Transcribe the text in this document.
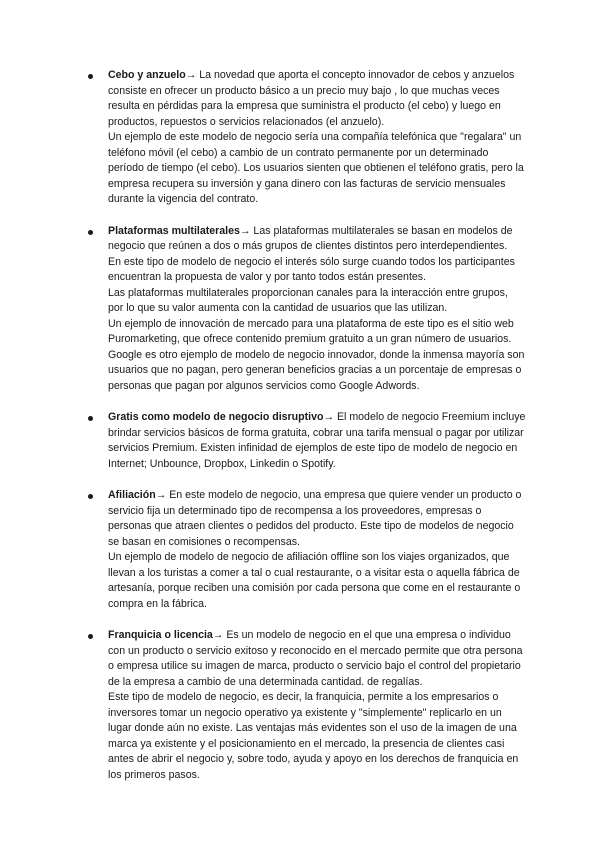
Cebo y anzuelo→ La novedad que aporta el concepto innovador de cebos y anzuelos consiste en ofrecer un producto básico a un precio muy bajo , lo que muchas veces resulta en pérdidas para la empresa que suministra el producto (el cebo) y luego en productos, repuestos o servicios relacionados (el anzuelo).

Un ejemplo de este modelo de negocio sería una compañía telefónica que "regalara" un teléfono móvil (el cebo) a cambio de un contrato permanente por un determinado período de tiempo (el cebo). Los usuarios sienten que obtienen el teléfono gratis, pero la empresa recupera su inversión y gana dinero con las facturas de servicio mensuales durante la vigencia del contrato.

Plataformas multilaterales→ Las plataformas multilaterales se basan en modelos de negocio que reúnen a dos o más grupos de clientes distintos pero interdependientes.

En este tipo de modelo de negocio el interés sólo surge cuando todos los participantes encuentran la propuesta de valor y por tanto todos están presentes.

Las plataformas multilaterales proporcionan canales para la interacción entre grupos, por lo que su valor aumenta con la cantidad de usuarios que las utilizan.

Un ejemplo de innovación de mercado para una plataforma de este tipo es el sitio web Puromarketing, que ofrece contenido premium gratuito a un gran número de usuarios. Google es otro ejemplo de modelo de negocio innovador, donde la inmensa mayoría son usuarios que no pagan, pero generan beneficios gracias a un porcentaje de empresas o personas que pagan por algunos servicios como Google Adwords.

Gratis como modelo de negocio disruptivo→ El modelo de negocio Freemium incluye brindar servicios básicos de forma gratuita, cobrar una tarifa mensual o pagar por utilizar servicios Premium. Existen infinidad de ejemplos de este tipo de modelo de negocio en Internet; Unbounce, Dropbox, Linkedin o Spotify.

Afiliación→ En este modelo de negocio, una empresa que quiere vender un producto o servicio fija un determinado tipo de recompensa a los proveedores, empresas o personas que atraen clientes o pedidos del producto. Este tipo de modelos de negocio se basan en comisiones o recompensas.

Un ejemplo de modelo de negocio de afiliación offline son los viajes organizados, que llevan a los turistas a comer a tal o cual restaurante, o a visitar esta o aquella fábrica de artesanía, porque reciben una comisión por cada persona que come en el restaurante o compra en la fábrica.

Franquicia o licencia→ Es un modelo de negocio en el que una empresa o individuo con un producto o servicio exitoso y reconocido en el mercado permite que otra persona o empresa utilice su imagen de marca, producto o servicio bajo el control del propietario de la empresa a cambio de una determinada cantidad. de regalías.

Este tipo de modelo de negocio, es decir, la franquicia, permite a los empresarios o inversores tomar un negocio operativo ya existente y "simplemente" replicarlo en un lugar donde aún no existe. Las ventajas más evidentes son el uso de la imagen de una marca ya existente y el posicionamiento en el mercado, la presencia de clientes casi antes de abrir el negocio y, sobre todo, ayuda y apoyo en los derechos de franquicia en los primeros pasos.
